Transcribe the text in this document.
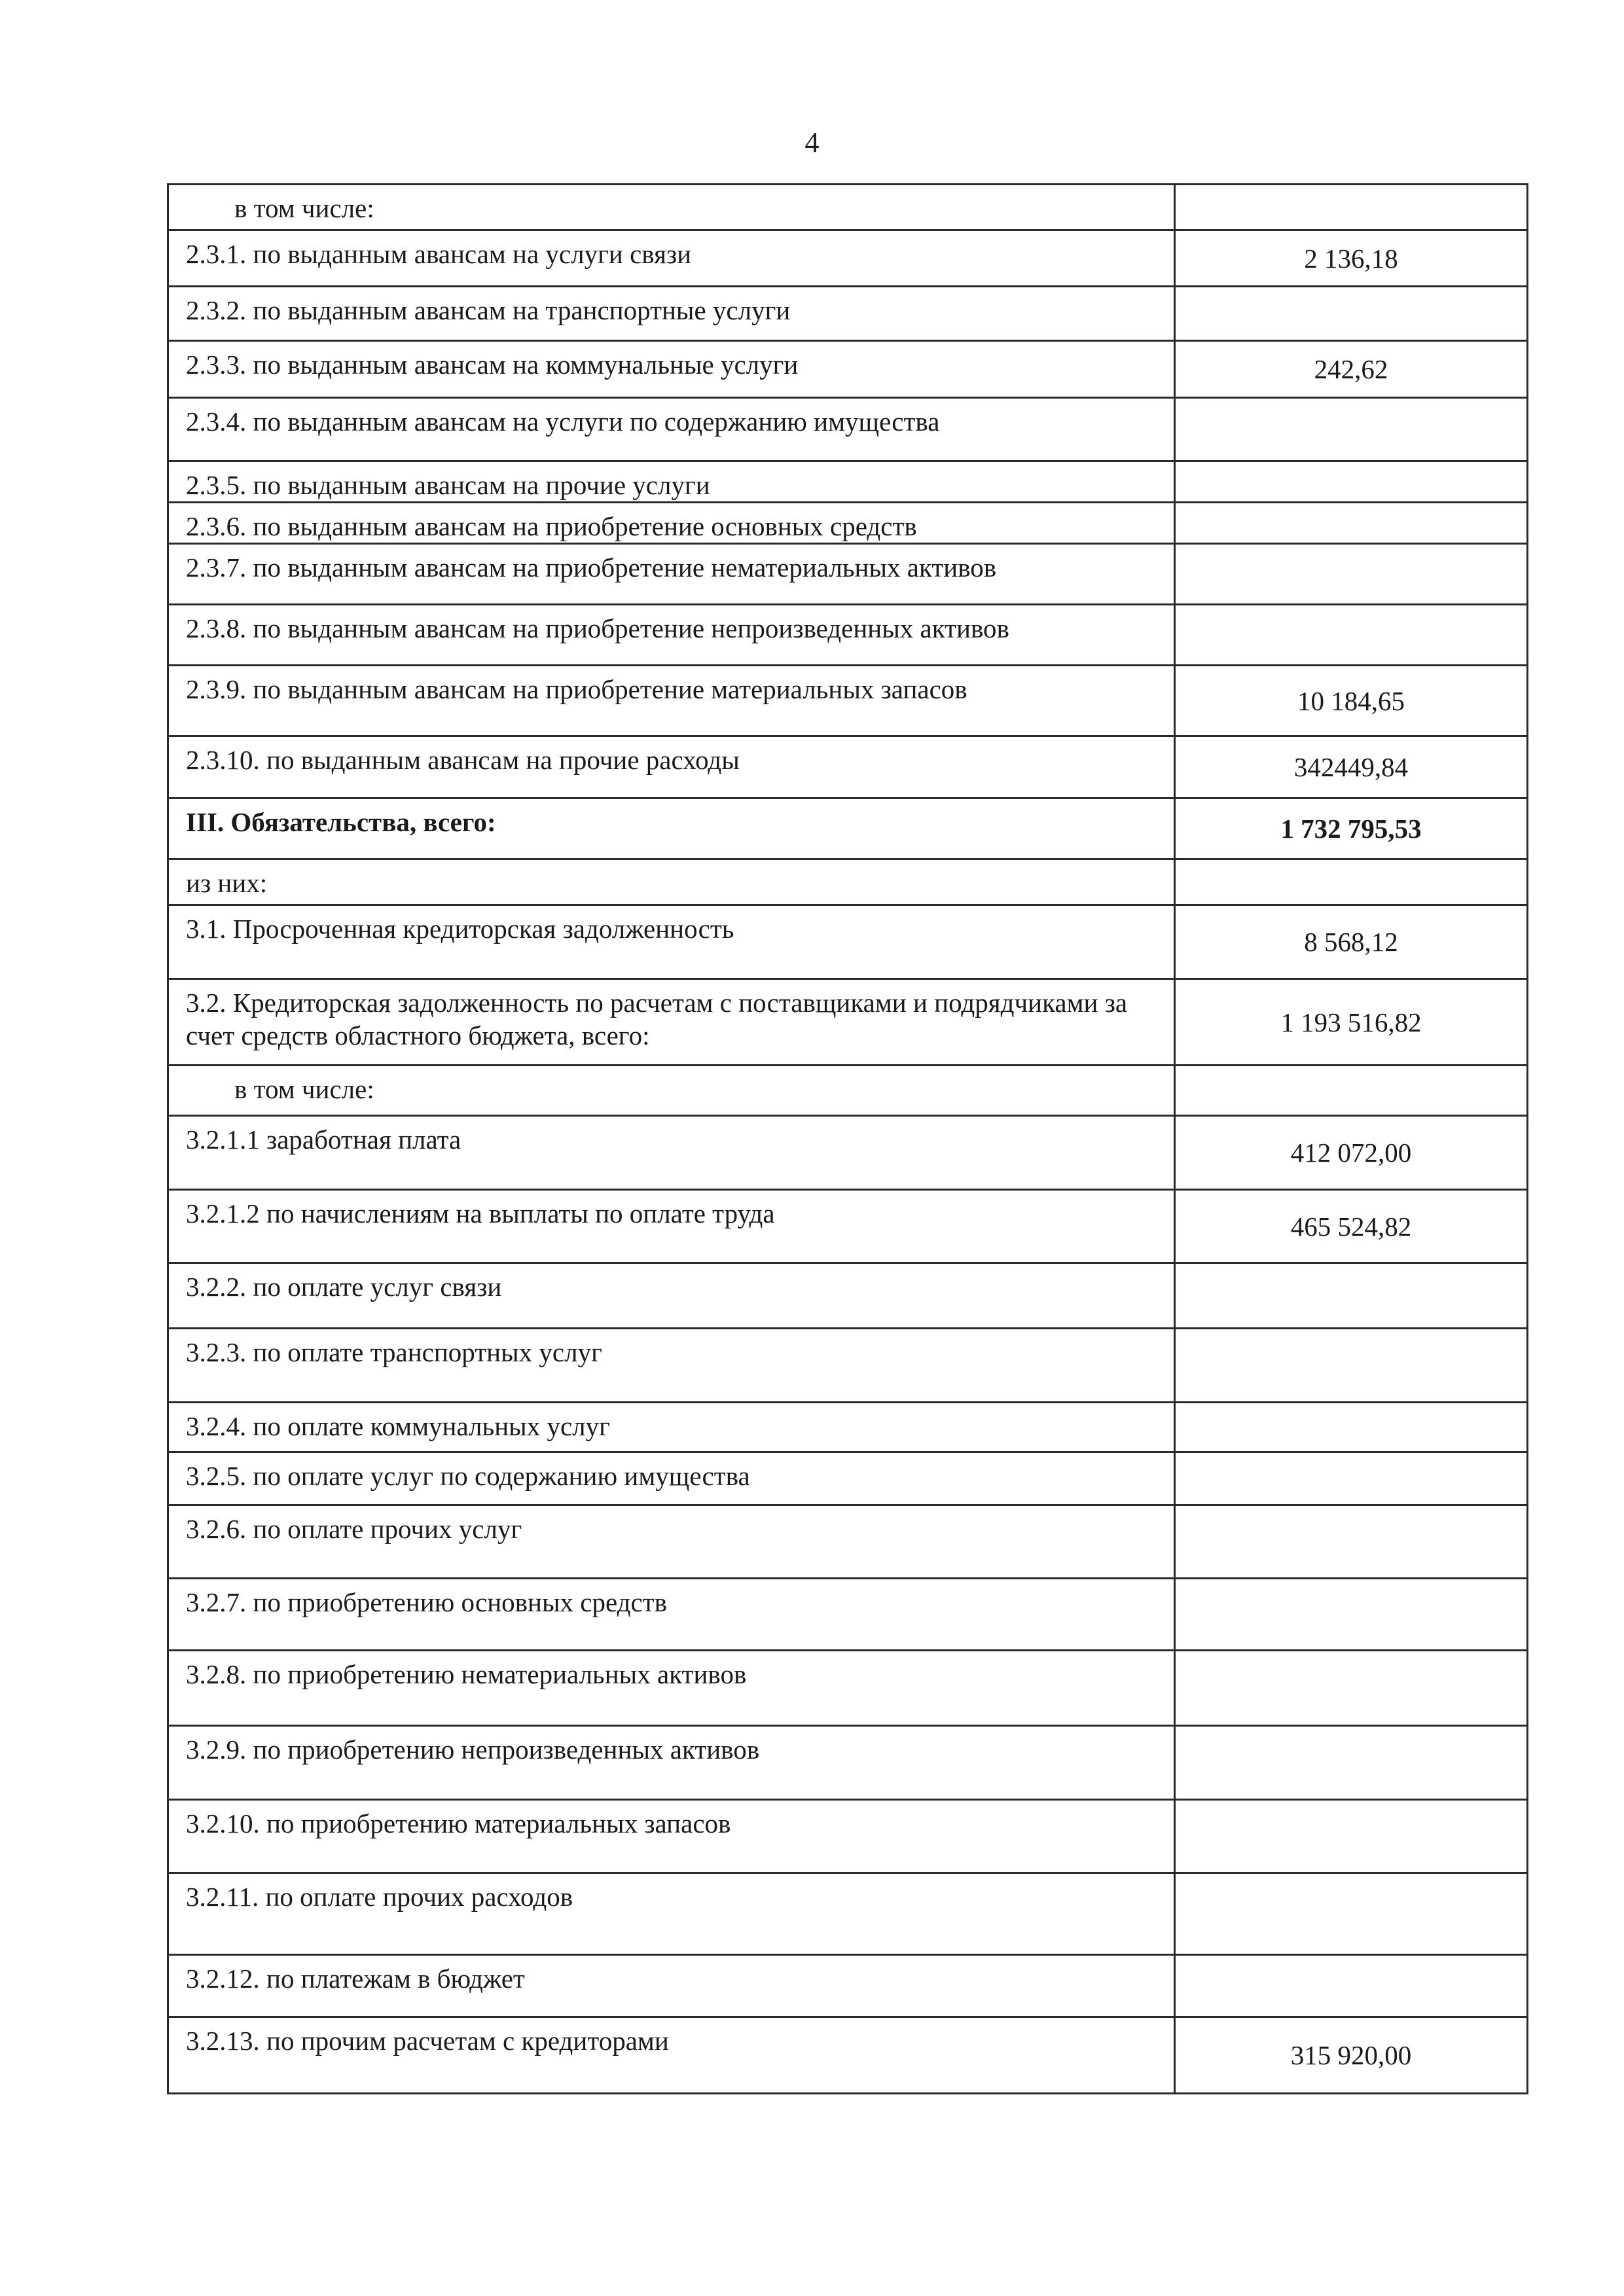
4
в том числе:	
2.3.1. по выданным авансам на услуги связи	2 136,18
2.3.2. по выданным авансам на транспортные услуги	
2.3.3. по выданным авансам на коммунальные услуги	242,62
2.3.4. по выданным авансам на услуги по содержанию имущества	
2.3.5. по выданным авансам на прочие услуги	
2.3.6. по выданным авансам на приобретение основных средств	
2.3.7. по выданным авансам на приобретение нематериальных активов	
2.3.8. по выданным авансам на приобретение непроизведенных активов	
2.3.9. по выданным авансам на приобретение материальных запасов	10 184,65
2.3.10. по выданным авансам на прочие расходы	342449,84
III. Обязательства, всего:	1 732 795,53
из них:	
3.1. Просроченная кредиторская задолженность	8 568,12
3.2. Кредиторская задолженность по расчетам с поставщиками и подрядчиками за счет средств областного бюджета, всего:	1 193 516,82
в том числе:	
3.2.1.1 заработная плата	412 072,00
3.2.1.2 по начислениям на выплаты по оплате труда	465 524,82
3.2.2. по оплате услуг связи	
3.2.3. по оплате транспортных услуг	
3.2.4. по оплате коммунальных услуг	
3.2.5. по оплате услуг по содержанию имущества	
3.2.6. по оплате прочих услуг	
3.2.7. по приобретению основных средств	
3.2.8. по приобретению нематериальных активов	
3.2.9. по приобретению непроизведенных активов	
3.2.10. по приобретению материальных запасов	
3.2.11. по оплате прочих расходов	
3.2.12. по платежам в бюджет	
3.2.13. по прочим расчетам с кредиторами	315 920,00
